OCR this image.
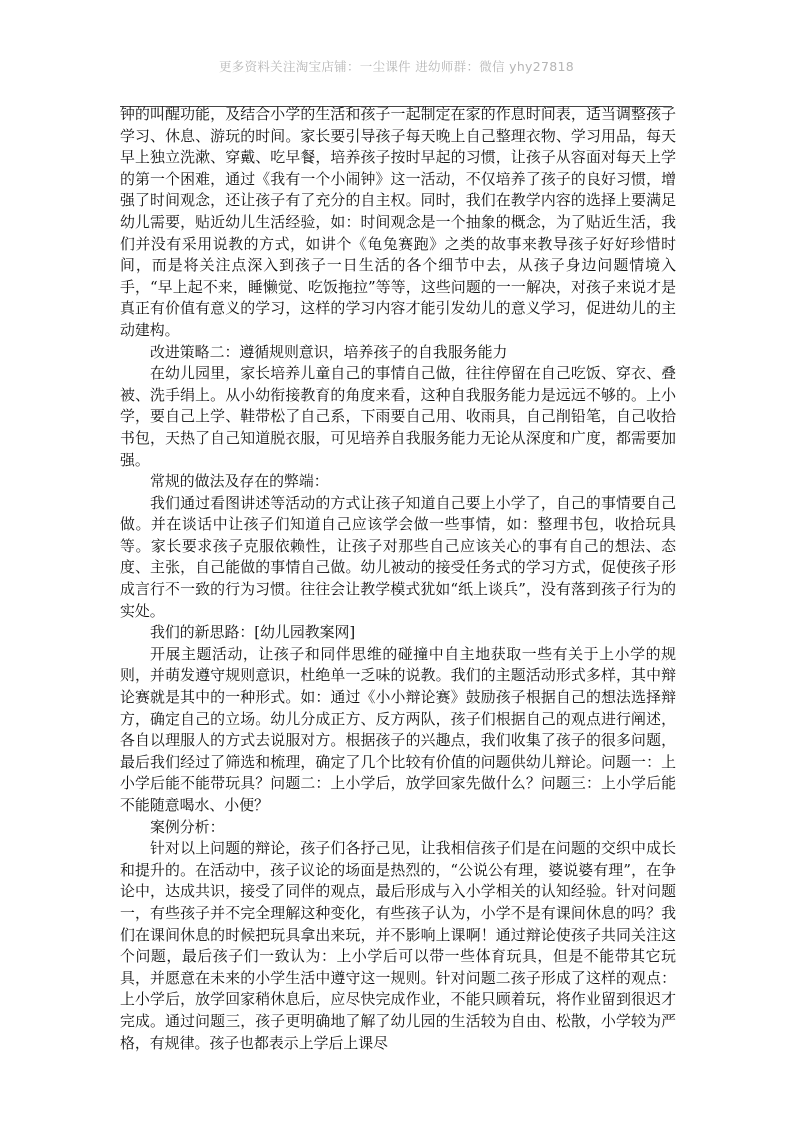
更多资料关注淘宝店铺：一尘课件 进幼师群：微信 yhy27818

钟的叫醒功能，及结合小学的生活和孩子一起制定在家的作息时间表，适当调整孩子学习、休息、游玩的时间。家长要引导孩子每天晚上自己整理衣物、学习用品，每天早上独立洗漱、穿戴、吃早餐，培养孩子按时早起的习惯，让孩子从容面对每天上学的第一个困难，通过《我有一个小闹钟》这一活动，不仅培养了孩子的良好习惯，增强了时间观念，还让孩子有了充分的自主权。同时，我们在教学内容的选择上要满足幼儿需要，贴近幼儿生活经验，如：时间观念是一个抽象的概念，为了贴近生活，我们并没有采用说教的方式，如讲个《龟兔赛跑》之类的故事来教导孩子好好珍惜时间，而是将关注点深入到孩子一日生活的各个细节中去，从孩子身边问题情境入手，“早上起不来，睡懒觉、吃饭拖拉”等等，这些问题的一一解决，对孩子来说才是真正有价值有意义的学习，这样的学习内容才能引发幼儿的意义学习，促进幼儿的主动建构。

改进策略二：遵循规则意识，培养孩子的自我服务能力

在幼儿园里，家长培养儿童自己的事情自己做，往往停留在自己吃饭、穿衣、叠被、洗手绢上。从小幼衔接教育的角度来看，这种自我服务能力是远远不够的。上小学，要自己上学、鞋带松了自己系，下雨要自己用、收雨具，自己削铅笔，自己收拾书包，天热了自己知道脱衣服，可见培养自我服务能力无论从深度和广度，都需要加强。

常规的做法及存在的弊端：

我们通过看图讲述等活动的方式让孩子知道自己要上小学了，自己的事情要自己做。并在谈话中让孩子们知道自己应该学会做一些事情，如：整理书包，收拾玩具等。家长要求孩子克服依赖性，让孩子对那些自己应该关心的事有自己的想法、态度、主张，自己能做的事情自己做。幼儿被动的接受任务式的学习方式，促使孩子形成言行不一致的行为习惯。往往会让教学模式犹如“纸上谈兵”，没有落到孩子行为的实处。

我们的新思路：[幼儿园教案网]

开展主题活动，让孩子和同伴思维的碰撞中自主地获取一些有关于上小学的规则，并萌发遵守规则意识，杜绝单一乏味的说教。我们的主题活动形式多样，其中辩论赛就是其中的一种形式。如：通过《小小辩论赛》鼓励孩子根据自己的想法选择辩方，确定自己的立场。幼儿分成正方、反方两队，孩子们根据自己的观点进行阐述，各自以理服人的方式去说服对方。根据孩子的兴趣点，我们收集了孩子的很多问题，最后我们经过了筛选和梳理，确定了几个比较有价值的问题供幼儿辩论。问题一：上小学后能不能带玩具？问题二：上小学后，放学回家先做什么？问题三：上小学后能不能随意喝水、小便？

案例分析：

针对以上问题的辩论，孩子们各抒己见，让我相信孩子们是在问题的交织中成长和提升的。在活动中，孩子议论的场面是热烈的，“公说公有理，婆说婆有理”，在争论中，达成共识，接受了同伴的观点，最后形成与入小学相关的认知经验。针对问题一，有些孩子并不完全理解这种变化，有些孩子认为，小学不是有课间休息的吗？我们在课间休息的时候把玩具拿出来玩，并不影响上课啊！通过辩论使孩子共同关注这个问题，最后孩子们一致认为：上小学后可以带一些体育玩具，但是不能带其它玩具，并愿意在未来的小学生活中遵守这一规则。针对问题二孩子形成了这样的观点：上小学后，放学回家稍休息后，应尽快完成作业，不能只顾着玩，将作业留到很迟才完成。通过问题三，孩子更明确地了解了幼儿园的生活较为自由、松散，小学较为严格，有规律。孩子也都表示上学后上课尽
